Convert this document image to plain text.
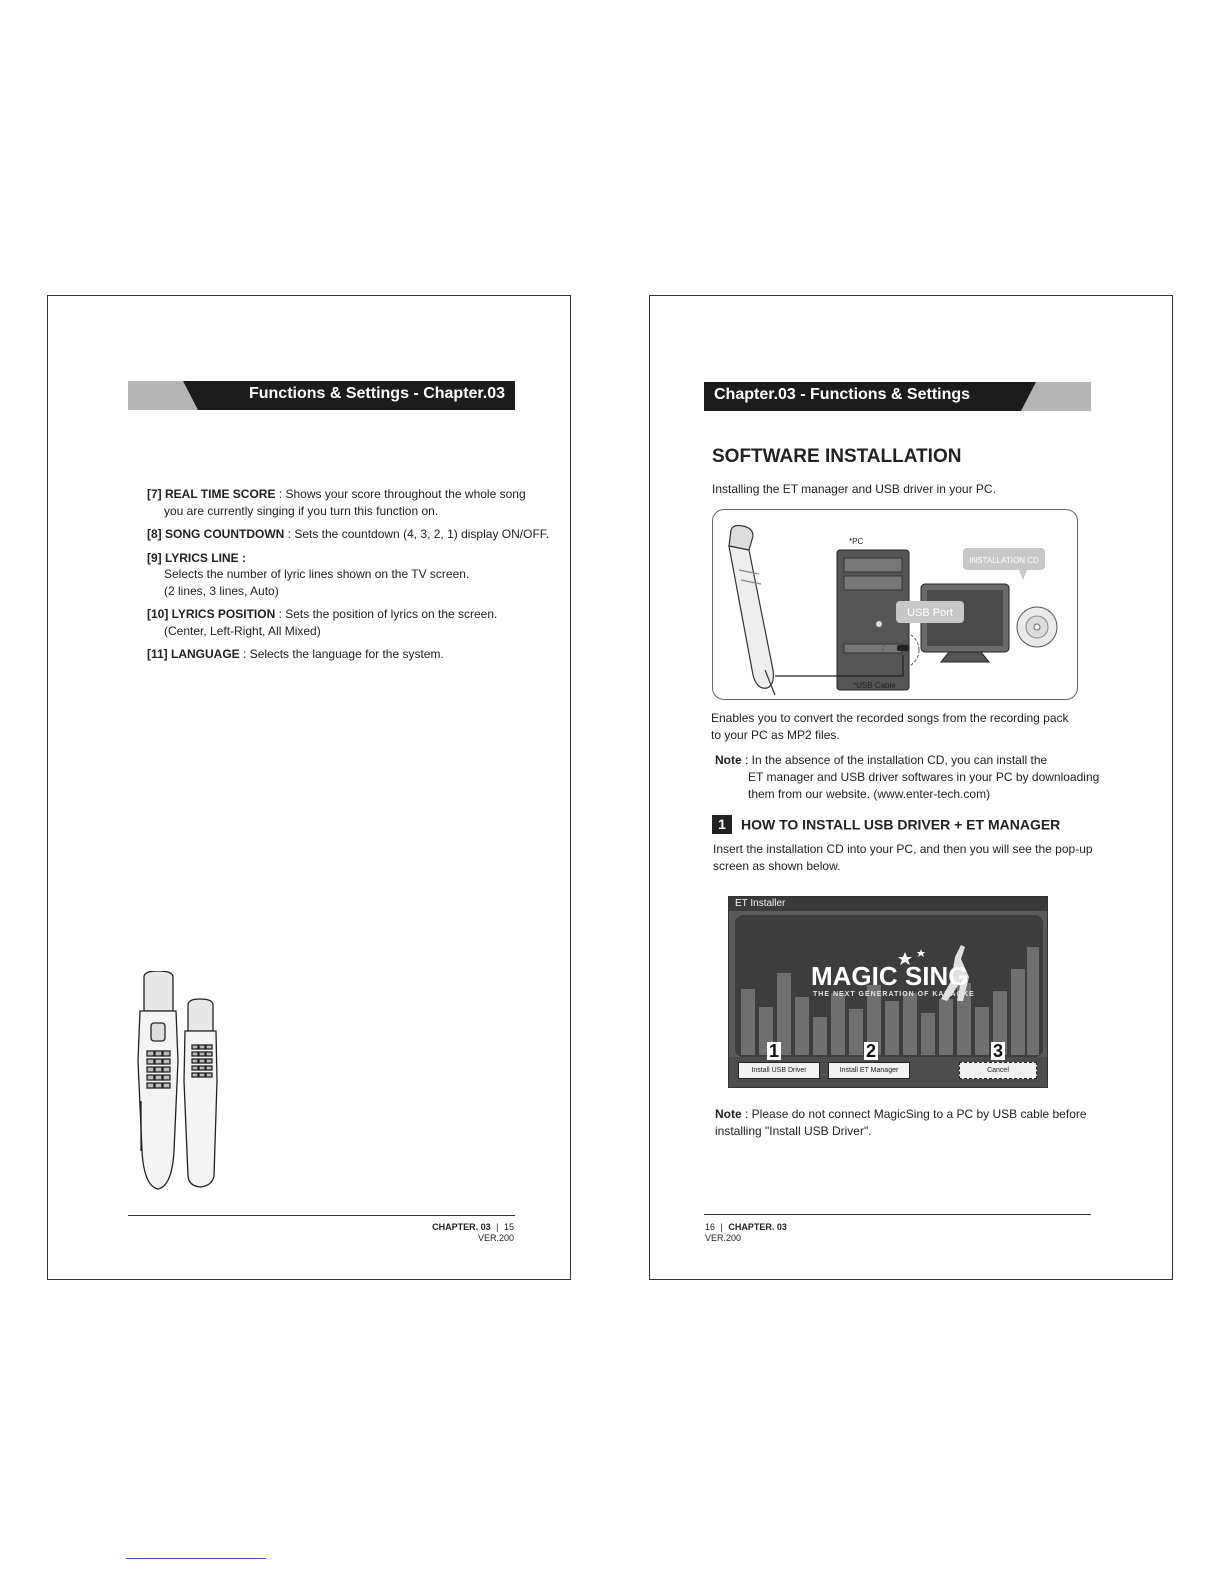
Functions & Settings - Chapter.03
[7] REAL TIME SCORE : Shows your score throughout the whole song
you are currently singing if you turn this function on.
[8] SONG COUNTDOWN : Sets the countdown (4, 3, 2, 1) display ON/OFF.
[9] LYRICS LINE :
Selects the number of lyric lines shown on the TV screen.
(2 lines, 3 lines, Auto)
[10] LYRICS POSITION : Sets the position of lyrics on the screen.
(Center, Left-Right, All Mixed)
[11] LANGUAGE : Selects the language for the system.
CHAPTER. 03 | 15
VER.200
Chapter.03 - Functions & Settings
SOFTWARE INSTALLATION
Installing the ET manager and USB driver in your PC.
*PC
INSTALLATION CD
USB Port
*USB Cable
Enables you to convert the recorded songs from the recording pack
to your PC as MP2 files.
Note : In the absence of the installation CD, you can install the
ET manager and USB driver softwares in your PC by downloading
them from our website. (www.enter-tech.com)
1 HOW TO INSTALL USB DRIVER + ET MANAGER
Insert the installation CD into your PC, and then you will see the pop-up
screen as shown below.
ET Installer
MAGIC SING
THE NEXT GENERATION OF KARAOKE
1	2	3
Install USB Driver	Install ET Manager	Cancel
Note : Please do not connect MagicSing to a PC by USB cable before
installing "Install USB Driver".
16 | CHAPTER. 03
VER.200
